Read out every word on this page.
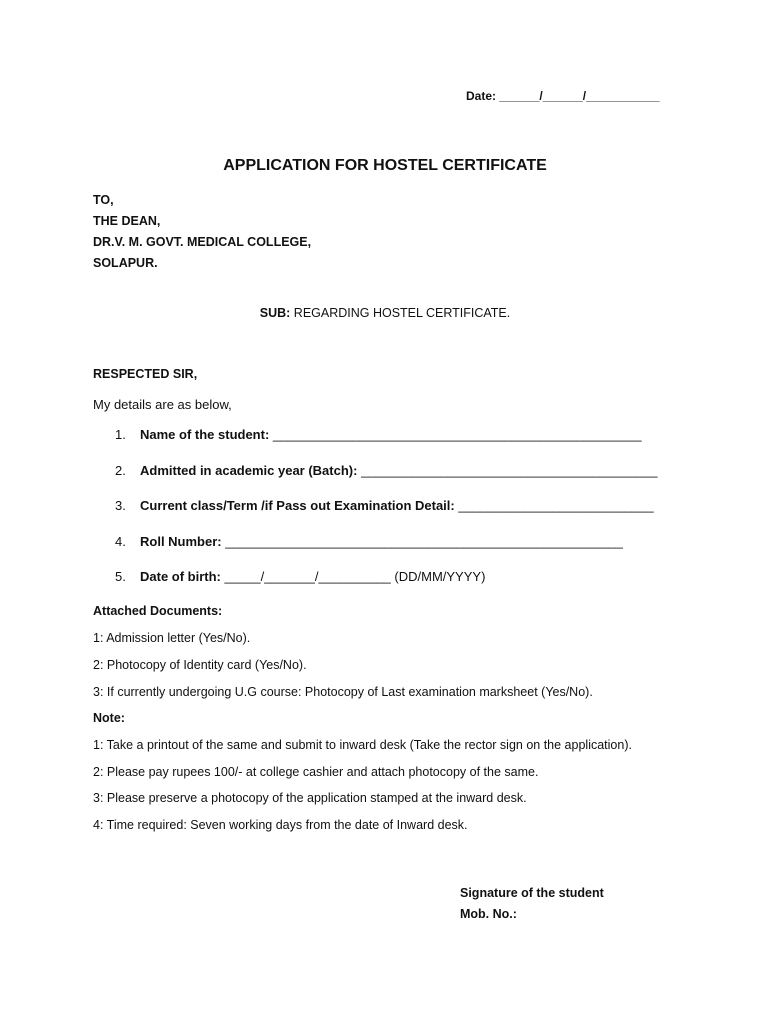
Date: ______/______/___________
APPLICATION FOR HOSTEL CERTIFICATE
TO,
THE DEAN,
DR.V. M. GOVT. MEDICAL COLLEGE,
SOLAPUR.
SUB: REGARDING HOSTEL CERTIFICATE.
RESPECTED SIR,
My details are as below,
1. Name of the student: ___________________________________________________
2. Admitted in academic year (Batch): _________________________________________
3. Current class/Term /if Pass out Examination Detail: ___________________________
4. Roll Number: _______________________________________________________
5. Date of birth: _____/_______/__________ (DD/MM/YYYY)
Attached Documents:
1: Admission letter (Yes/No).
2: Photocopy of Identity card (Yes/No).
3: If currently undergoing U.G course: Photocopy of Last examination marksheet (Yes/No).
Note:
1: Take a printout of the same and submit to inward desk (Take the rector sign on the application).
2: Please pay rupees 100/- at college cashier and attach photocopy of the same.
3: Please preserve a photocopy of the application stamped at the inward desk.
4: Time required: Seven working days from the date of Inward desk.
Signature of the student
Mob. No.:
